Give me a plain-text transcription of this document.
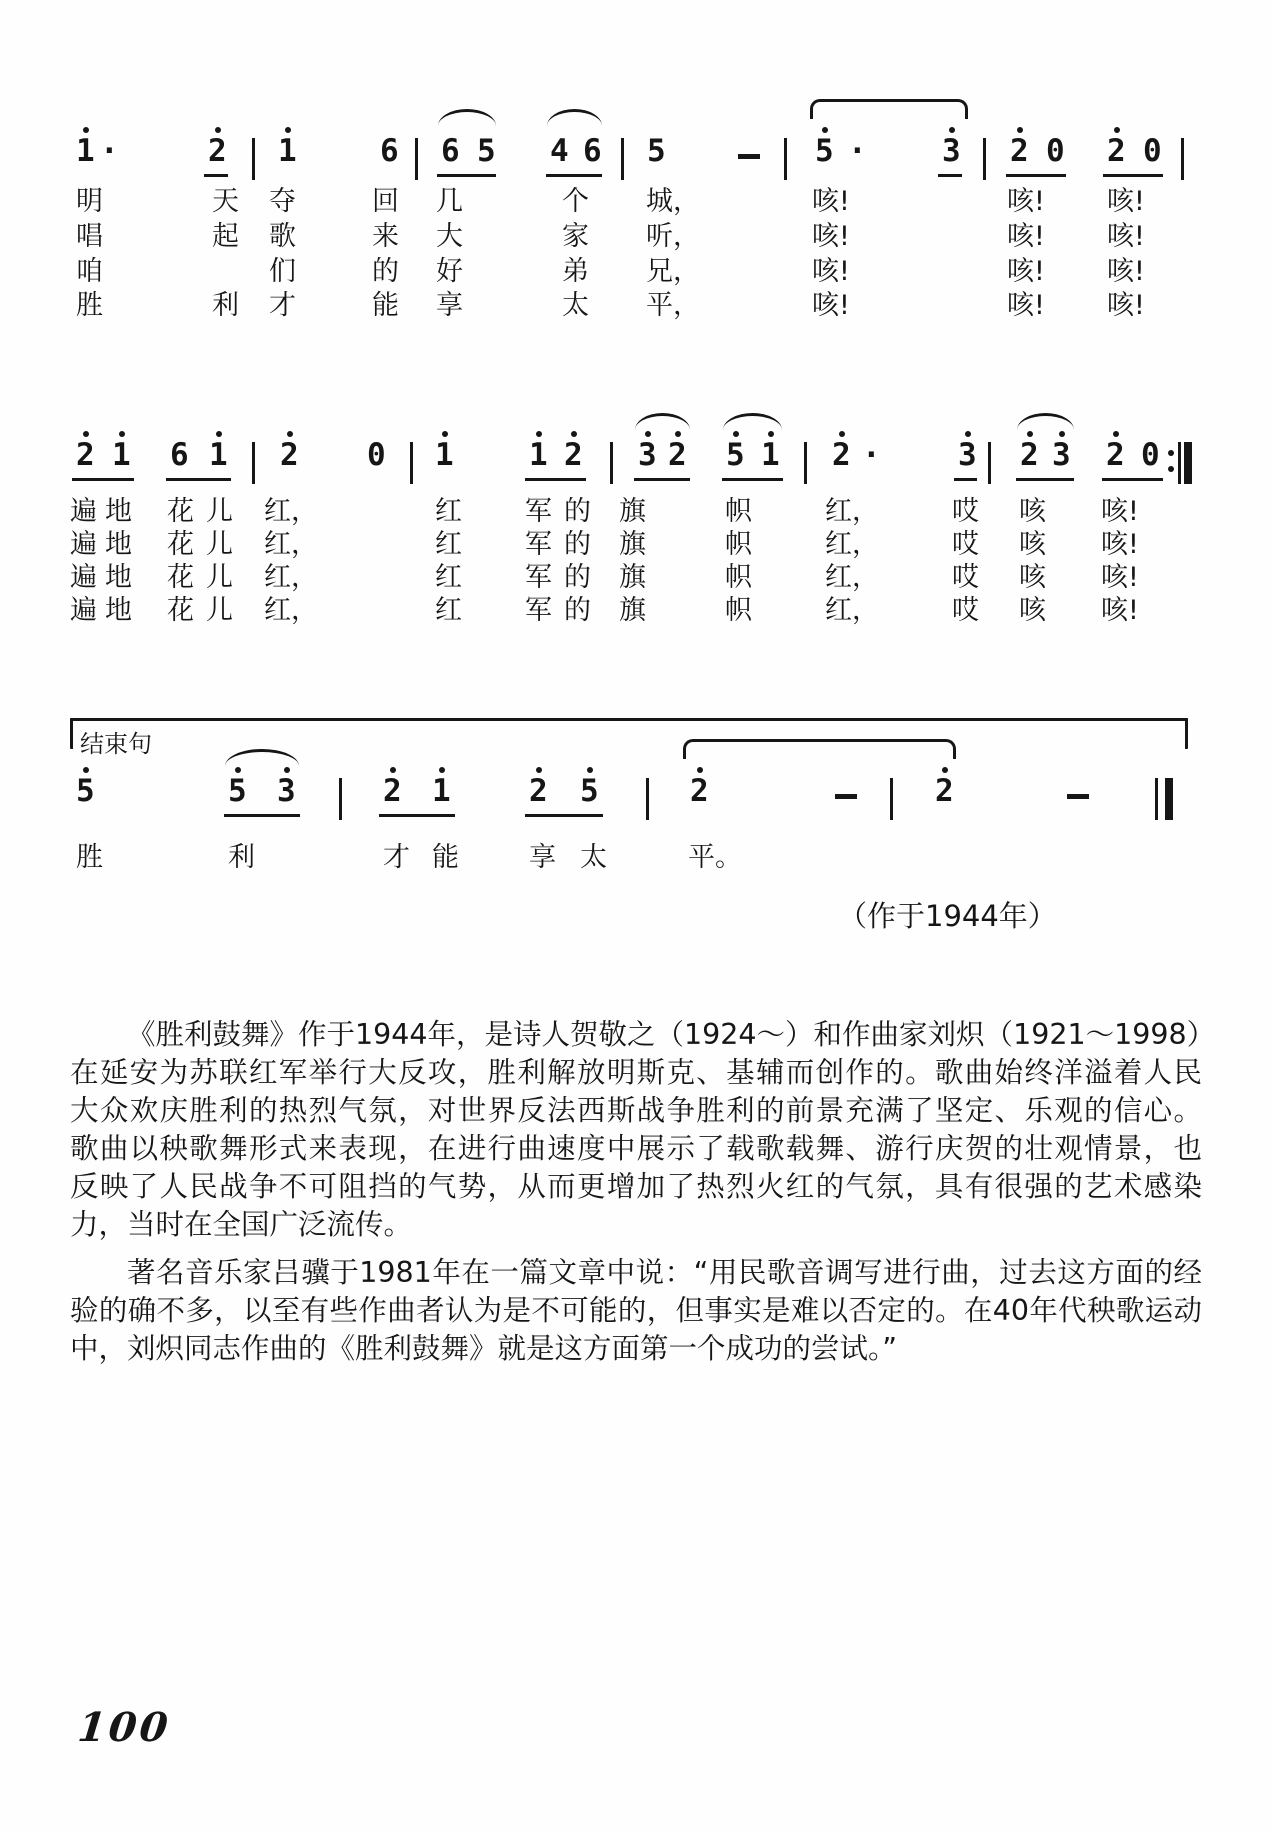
1 ·	2 1	6 6 5 4 6 5	5 · 3 2 0 2 0
明	天 夺	回 几	个 城，	咳!	咳! 咳!
唱	起 歌	来 大	家 听，	咳!	咳! 咳!
咱	们	的 好	弟 兄，	咳!	咳! 咳!
胜	利 才	能 享	太 平，	咳!	咳! 咳!
2 1 6 1 2 0 1 1 2 3 2 5 1 2 · 3 2 3 2 0
遍 地 花 儿 红，	红 军 的 旗	帜	红，	哎 咳 咳!
遍 地 花 儿 红，	红 军 的 旗	帜	红，	哎 咳 咳!
遍 地 花 儿 红，	红 军 的 旗	帜	红，	哎 咳 咳!
遍 地 花 儿 红，	红 军 的 旗	帜	红，	哎 咳 咳!
结束句
5	5 3	2 1	2 5	2	2
胜	利	才 能	享 太	平。
（作于1944年）
《胜利鼓舞》作于1944年，是诗人贺敬之（1924～）和作曲家刘炽（1921～1998）
在延安为苏联红军举行大反攻，胜利解放明斯克、基辅而创作的。歌曲始终洋溢着人民
大众欢庆胜利的热烈气氛，对世界反法西斯战争胜利的前景充满了坚定、乐观的信心。
歌曲以秧歌舞形式来表现，在进行曲速度中展示了载歌载舞、游行庆贺的壮观情景，也
反映了人民战争不可阻挡的气势，从而更增加了热烈火红的气氛，具有很强的艺术感染
力，当时在全国广泛流传。
著名音乐家吕骥于1981年在一篇文章中说：“用民歌音调写进行曲，过去这方面的经
验的确不多，以至有些作曲者认为是不可能的，但事实是难以否定的。在40年代秧歌运动
中，刘炽同志作曲的《胜利鼓舞》就是这方面第一个成功的尝试。”
100
